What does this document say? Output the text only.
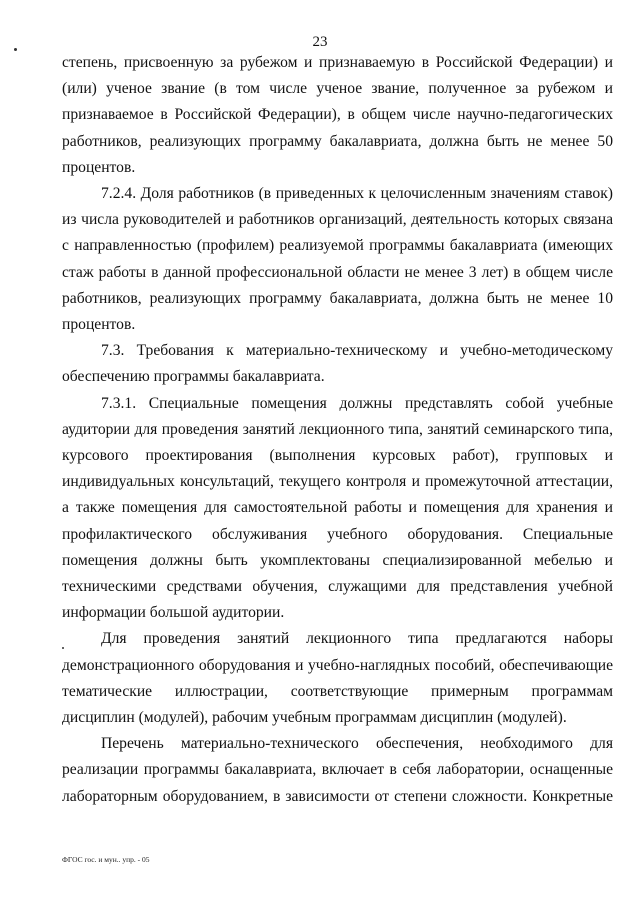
23

степень, присвоенную за рубежом и признаваемую в Российской Федерации) и (или) ученое звание (в том числе ученое звание, полученное за рубежом и признаваемое в Российской Федерации), в общем числе научно-педагогических работников, реализующих программу бакалавриата, должна быть не менее 50 процентов.

7.2.4. Доля работников (в приведенных к целочисленным значениям ставок) из числа руководителей и работников организаций, деятельность которых связана с направленностью (профилем) реализуемой программы бакалавриата (имеющих стаж работы в данной профессиональной области не менее 3 лет) в общем числе работников, реализующих программу бакалавриата, должна быть не менее 10 процентов.

7.3. Требования к материально-техническому и учебно-методическому обеспечению программы бакалавриата.

7.3.1. Специальные помещения должны представлять собой учебные аудитории для проведения занятий лекционного типа, занятий семинарского типа, курсового проектирования (выполнения курсовых работ), групповых и индивидуальных консультаций, текущего контроля и промежуточной аттестации, а также помещения для самостоятельной работы и помещения для хранения и профилактического обслуживания учебного оборудования. Специальные помещения должны быть укомплектованы специализированной мебелью и техническими средствами обучения, служащими для представления учебной информации большой аудитории.

Для проведения занятий лекционного типа предлагаются наборы демонстрационного оборудования и учебно-наглядных пособий, обеспечивающие тематические иллюстрации, соответствующие примерным программам дисциплин (модулей), рабочим учебным программам дисциплин (модулей).

Перечень материально-технического обеспечения, необходимого для реализации программы бакалавриата, включает в себя лаборатории, оснащенные лабораторным оборудованием, в зависимости от степени сложности. Конкретные

ФГОС гос. и мун.. упр. - 05
